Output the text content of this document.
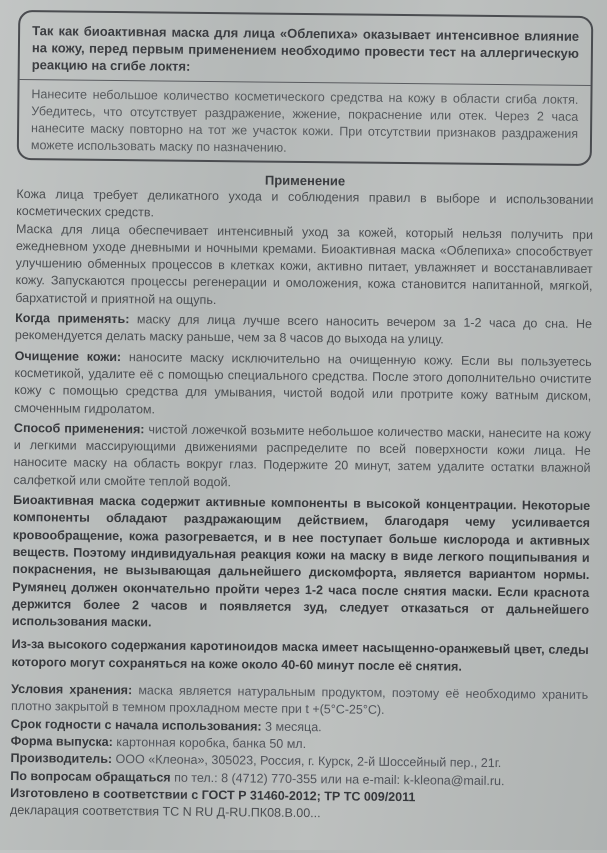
Так как биоактивная маска для лица «Облепиха» оказывает интенсивное влияние на кожу, перед первым применением необходимо провести тест на аллергическую реакцию на сгибе локтя:

Нанесите небольшое количество косметического средства на кожу в области сгиба локтя. Убедитесь, что отсутствует раздражение, жжение, покраснение или отек. Через 2 часа нанесите маску повторно на тот же участок кожи. При отсутствии признаков раздражения можете использовать маску по назначению.

Применение

Кожа лица требует деликатного ухода и соблюдения правил в выборе и использовании косметических средств.

Маска для лица обеспечивает интенсивный уход за кожей, который нельзя получить при ежедневном уходе дневными и ночными кремами. Биоактивная маска «Облепиха» способствует улучшению обменных процессов в клетках кожи, активно питает, увлажняет и восстанавливает кожу. Запускаются процессы регенерации и омоложения, кожа становится напитанной, мягкой, бархатистой и приятной на ощупь.

Когда применять: маску для лица лучше всего наносить вечером за 1-2 часа до сна. Не рекомендуется делать маску раньше, чем за 8 часов до выхода на улицу.

Очищение кожи: наносите маску исключительно на очищенную кожу. Если вы пользуетесь косметикой, удалите её с помощью специального средства. После этого дополнительно очистите кожу с помощью средства для умывания, чистой водой или протрите кожу ватным диском, смоченным гидролатом.

Способ применения: чистой ложечкой возьмите небольшое количество маски, нанесите на кожу и легкими массирующими движениями распределите по всей поверхности кожи лица. Не наносите маску на область вокруг глаз. Подержите 20 минут, затем удалите остатки влажной салфеткой или смойте теплой водой.

Биоактивная маска содержит активные компоненты в высокой концентрации. Некоторые компоненты обладают раздражающим действием, благодаря чему усиливается кровообращение, кожа разогревается, и в нее поступает больше кислорода и активных веществ. Поэтому индивидуальная реакция кожи на маску в виде легкого пощипывания и покраснения, не вызывающая дальнейшего дискомфорта, является вариантом нормы. Румянец должен окончательно пройти через 1-2 часа после снятия маски. Если краснота держится более 2 часов и появляется зуд, следует отказаться от дальнейшего использования маски.

Из-за высокого содержания каротиноидов маска имеет насыщенно-оранжевый цвет, следы которого могут сохраняться на коже около 40-60 минут после её снятия.

Условия хранения: маска является натуральным продуктом, поэтому её необходимо хранить плотно закрытой в темном прохладном месте при t +(5°С-25°С).

Срок годности с начала использования: 3 месяца.

Форма выпуска: картонная коробка, банка 50 мл.

Производитель: ООО «Клеона», 305023, Россия, г. Курск, 2-й Шоссейный пер., 21г.

По вопросам обращаться по тел.: 8 (4712) 770-355 или на e-mail: k-kleona@mail.ru.

Изготовлено в соответствии с ГОСТ Р 31460-2012; ТР ТС 009/2011

декларация соответствия ТС N RU Д-RU.ПК08.В.00...
